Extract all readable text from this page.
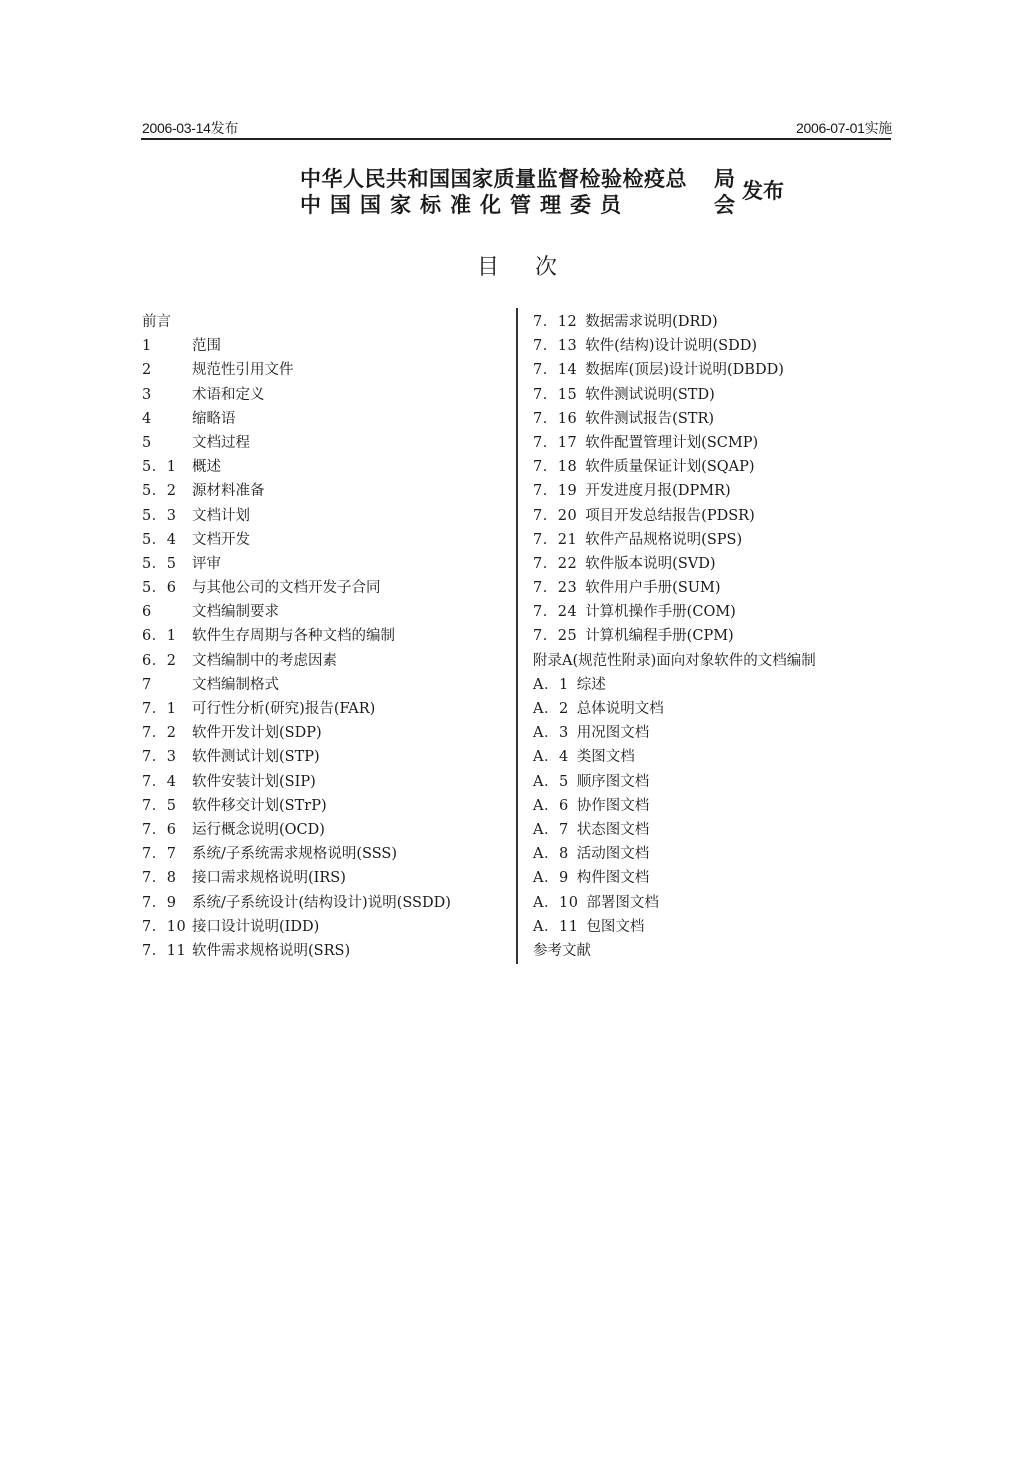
2006-03-14发布	2006-07-01实施
中华人民共和国国家质量监督检验检疫总 局
中国国家标准化管理委员	会
发布
目次
前言
1	范围
2	规范性引用文件
3	术语和定义
4	缩略语
5	文档过程
5．1 概述
5．2 源材料准备
5．3 文档计划
5．4 文档开发
5．5 评审
5．6 与其他公司的文档开发子合同
6	文档编制要求
6．1 软件生存周期与各种文档的编制
6．2 文档编制中的考虑因素
7	文档编制格式
7．1 可行性分析(研究)报告(FAR)
7．2 软件开发计划(SDP)
7．3 软件测试计划(STP)
7．4 软件安装计划(SIP)
7．5 软件移交计划(STrP)
7．6 运行概念说明(OCD)
7．7 系统/子系统需求规格说明(SSS)
7．8 接口需求规格说明(IRS)
7．9 系统/子系统设计(结构设计)说明(SSDD)
7．10 接口设计说明(IDD)
7．11 软件需求规格说明(SRS)
7．12 数据需求说明(DRD)
7．13 软件(结构)设计说明(SDD)
7．14 数据库(顶层)设计说明(DBDD)
7．15 软件测试说明(STD)
7．16 软件测试报告(STR)
7．17 软件配置管理计划(SCMP)
7．18 软件质量保证计划(SQAP)
7．19 开发进度月报(DPMR)
7．20 项目开发总结报告(PDSR)
7．21 软件产品规格说明(SPS)
7．22 软件版本说明(SVD)
7．23 软件用户手册(SUM)
7．24 计算机操作手册(COM)
7．25 计算机编程手册(CPM)
附录A(规范性附录)面向对象软件的文档编制
A．1 综述
A．2 总体说明文档
A．3 用况图文档
A．4 类图文档
A．5 顺序图文档
A．6 协作图文档
A．7 状态图文档
A．8 活动图文档
A．9 构件图文档
A．10 部署图文档
A．11 包图文档
参考文献
